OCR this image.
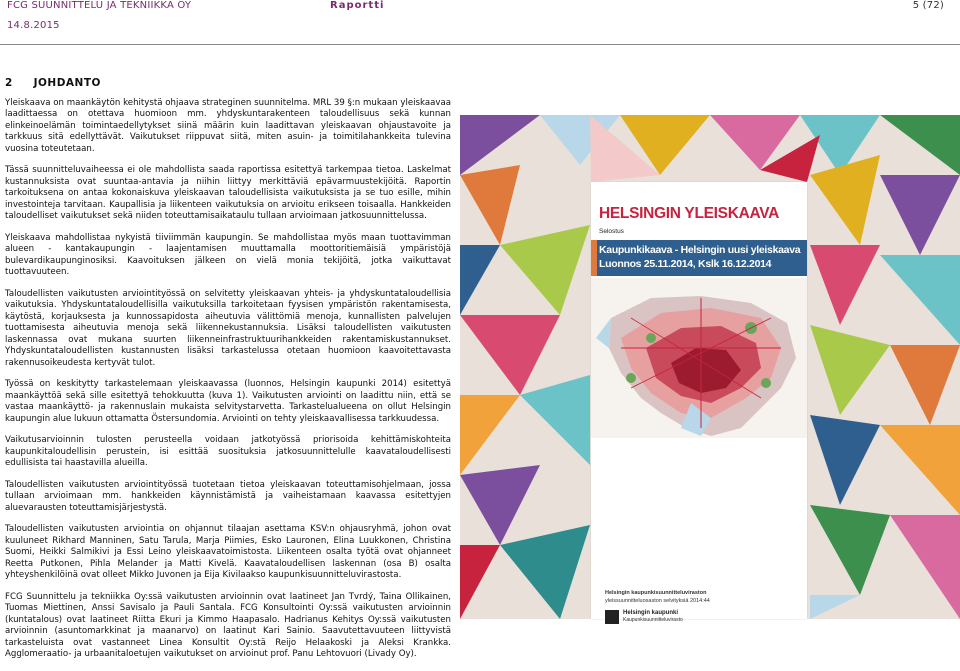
FCG SUUNNITTELU JA TEKNIIKKA OY	Raportti	5 (72)
14.8.2015
2     JOHDANTO

Yleiskaava on maankäytön kehitystä ohjaava strateginen suunnitelma. MRL 39 §:n mukaan yleiskaavaa laadittaessa on otettava huomioon mm. yhdyskuntarakenteen taloudellisuus sekä kunnan elinkeinoelämän toimintaedellytykset siinä määrin kuin laadittavan yleiskaavan ohjaustavoite ja tarkkuus sitä edellyttävät. Vaikutukset riippuvat siitä, miten asuin- ja toimitilahankkeita tulevina vuosina toteutetaan.

Tässä suunnitteluvaiheessa ei ole mahdollista saada raportissa esitettyä tarkempaa tietoa. Laskelmat kustannuksista ovat suuntaa-antavia ja niihin liittyy merkittäviä epävarmuustekijöitä. Raportin tarkoituksena on antaa kokonaiskuva yleiskaavan taloudellisista vaikutuksista ja se tuo esille, mihin investointeja tarvitaan. Kaupallisia ja liikenteen vaikutuksia on arvioitu erikseen toisaalla. Hankkeiden taloudelliset vaikutukset sekä niiden toteuttamisaikataulu tullaan arvioimaan jatkosuunnittelussa.

Yleiskaava mahdollistaa nykyistä tiiviimmän kaupungin. Se mahdollistaa myös maan tuottavimman alueen - kantakaupungin - laajentamisen muuttamalla moottoritiemäisiä ympäristöjä bulevardikaupunginosiksi. Kaavoituksen jälkeen on vielä monia tekijöitä, jotka vaikuttavat tuottavuuteen.

Taloudellisten vaikutusten arviointityössä on selvitetty yleiskaavan yhteis- ja yhdyskuntataloudellisia vaikutuksia. Yhdyskuntataloudellisilla vaikutuksilla tarkoitetaan fyysisen ympäristön rakentamisesta, käytöstä, korjauksesta ja kunnossapidosta aiheutuvia välittömiä menoja, kunnallisten palvelujen tuottamisesta aiheutuvia menoja sekä liikennekustannuksia. Lisäksi taloudellisten vaikutusten laskennassa ovat mukana suurten liikenneinfrastruktuurihankkeiden rakentamiskustannukset. Yhdyskuntataloudellisten kustannusten lisäksi tarkastelussa otetaan huomioon kaavoitettavasta rakennusoikeudesta kertyvät tulot.

Työssä on keskitytty tarkastelemaan yleiskaavassa (luonnos, Helsingin kaupunki 2014) esitettyä maankäyttöä sekä sille esitettyä tehokkuutta (kuva 1). Vaikutusten arviointi on laadittu niin, että se vastaa maankäyttö- ja rakennuslain mukaista selvitystarvetta. Tarkastelualueena on ollut Helsingin kaupungin alue lukuun ottamatta Östersundomia. Arviointi on tehty yleiskaavallisessa tarkkuudessa.

Vaikutusarvioinnin tulosten perusteella voidaan jatkotyössä priorisoida kehittämiskohteita kaupunkitaloudellisin perustein, isi esittää suosituksia jatkosuunnittelulle kaavataloudellisesti edullisista tai haastavilla alueilla.

Taloudellisten vaikutusten arviointityössä tuotetaan tietoa yleiskaavan toteuttamisohjelmaan, jossa tullaan arvioimaan mm. hankkeiden käynnistämistä ja vaiheistamaan kaavassa esitettyjen aluevarausten toteuttamisjärjestystä.

Taloudellisten vaikutusten arviointia on ohjannut tilaajan asettama KSV:n ohjausryhmä, johon ovat kuuluneet Rikhard Manninen, Satu Tarula, Marja Piimies, Esko Lauronen, Elina Luukkonen, Christina Suomi, Heikki Salmikivi ja Essi Leino yleiskaavatoimistosta. Liikenteen osalta työtä ovat ohjanneet Reetta Putkonen, Pihla Melander ja Matti Kivelä. Kaavataloudellisen laskennan (osa B) osalta yhteyshenkilöinä ovat olleet Mikko Juvonen ja Eija Kivilaakso kaupunkisuunnitteluvirastosta.

FCG Suunnittelu ja tekniikka Oy:ssä vaikutusten arvioinnin ovat laatineet Jan Tvrdý, Taina Ollikainen, Tuomas Miettinen, Anssi Savisalo ja Pauli Santala. FCG Konsultointi Oy:ssä vaikutusten arvioinnin (kuntatalous) ovat laatineet Riitta Ekuri ja Kimmo Haapasalo. Hadrianus Kehitys Oy:ssä vaikutusten arvioinnin (asuntomarkkinat ja maanarvo) on laatinut Kari Sainio. Saavutettavuuteen liittyvistä tarkasteluista ovat vastanneet Linea Konsultit Oy:stä Reijo Helaakoski ja Aleksi Krankka. Agglomeraatio- ja urbaanitaloetujen vaikutukset on arvioinut prof. Panu Lehtovuori (Livady Oy).

HELSINGIN YLEISKAAVA
Selostus
Kaupunkikaava - Helsingin uusi yleiskaava
Luonnos 25.11.2014, Kslk 16.12.2014
Helsingin kaupunkisuunnitteluviraston
yleissuunnitteluosaston selvityksiä 2014:44
Helsingin kaupunki
Kaupunkisuunnitteluvirasto
